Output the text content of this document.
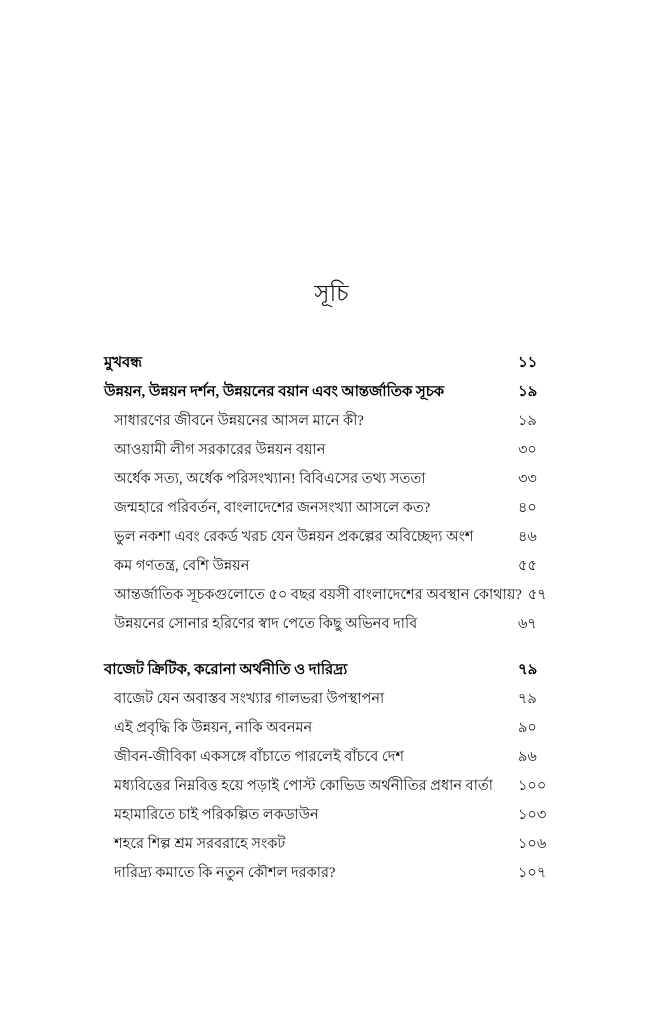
সূচি
মুখবন্ধ	১১
উন্নয়ন, উন্নয়ন দর্শন, উন্নয়নের বয়ান এবং আন্তর্জাতিক সূচক	১৯
সাধারণের জীবনে উন্নয়নের আসল মানে কী?	১৯
আওয়ামী লীগ সরকারের উন্নয়ন বয়ান	৩০
অর্ধেক সত্য, অর্ধেক পরিসংখ্যান! বিবিএসের তথ্য সততা	৩৩
জন্মহারে পরিবর্তন, বাংলাদেশের জনসংখ্যা আসলে কত?	৪০
ভুল নকশা এবং রেকর্ড খরচ যেন উন্নয়ন প্রকল্পের অবিচ্ছেদ্য অংশ	৪৬
কম গণতন্ত্র, বেশি উন্নয়ন	৫৫
আন্তর্জাতিক সূচকগুলোতে ৫০ বছর বয়সী বাংলাদেশের অবস্থান কোথায়? ৫৭
উন্নয়নের সোনার হরিণের স্বাদ পেতে কিছু অভিনব দাবি	৬৭
বাজেট ক্রিটিক, করোনা অর্থনীতি ও দারিদ্র্য	৭৯
বাজেট যেন অবাস্তব সংখ্যার গালভরা উপস্থাপনা	৭৯
এই প্রবৃদ্ধি কি উন্নয়ন, নাকি অবনমন	৯০
জীবন-জীবিকা একসঙ্গে বাঁচাতে পারলেই বাঁচবে দেশ	৯৬
মধ্যবিত্তের নিম্নবিত্ত হয়ে পড়াই পোস্ট কোভিড অর্থনীতির প্রধান বার্তা ১০০
মহামারিতে চাই পরিকল্পিত লকডাউন	১০৩
শহরে শিল্প শ্রম সরবরাহে সংকট	১০৬
দারিদ্র্য কমাতে কি নতুন কৌশল দরকার?	১০৭
